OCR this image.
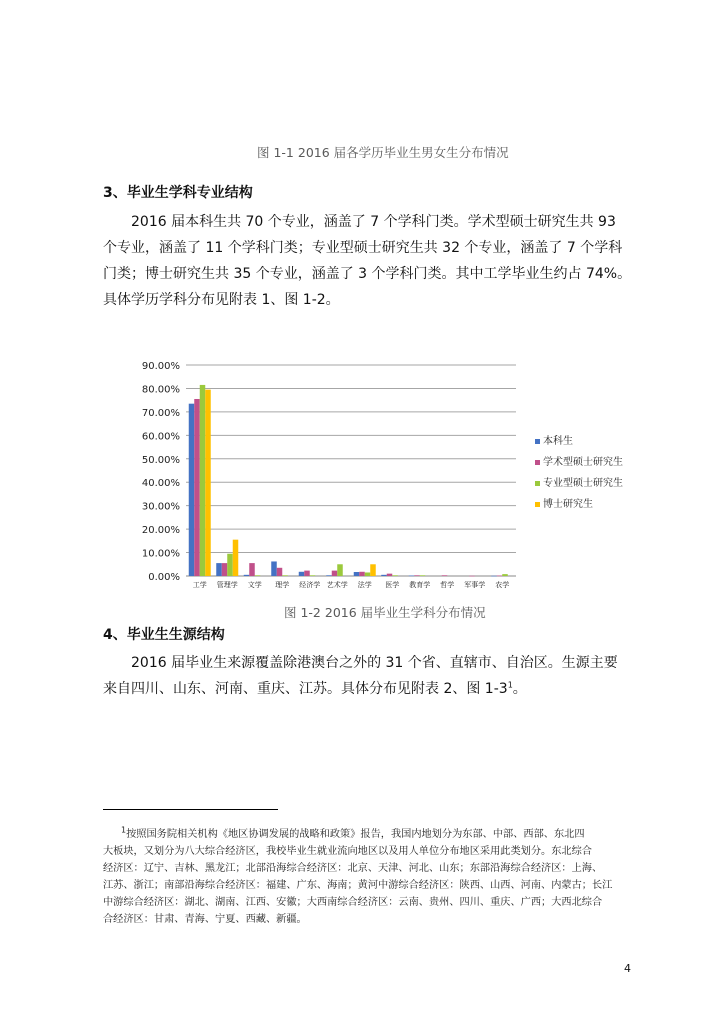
图 1-1 2016 届各学历毕业生男女生分布情况
3、毕业生学科专业结构

2016 届本科生共 70 个专业，涵盖了 7 个学科门类。学术型硕士研究生共 93

个专业，涵盖了 11 个学科门类；专业型硕士研究生共 32 个专业，涵盖了 7 个学科

门类；博士研究生共 35 个专业，涵盖了 3 个学科门类。其中工学毕业生约占 74%。

具体学历学科分布见附表 1、图 1-2。

0.00%
10.00%
20.00%
30.00%
40.00%
50.00%
60.00%
70.00%
80.00%
90.00%
工学 管理学 文学 理学 经济学 艺术学 法学 医学 教育学 哲学 军事学 农学
本科生
学术型硕士研究生
专业型硕士研究生
博士研究生
图 1-2 2016 届毕业生学科分布情况
4、毕业生生源结构

2016 届毕业生来源覆盖除港澳台之外的 31 个省、直辖市、自治区。生源主要

来自四川、山东、河南、重庆、江苏。具体分布见附表 2、图 $1-3^1$。

$^1$按照国务院相关机构《地区协调发展的战略和政策》报告，我国内地划分为东部、中部、西部、东北四

大板块，又划分为八大综合经济区，我校毕业生就业流向地区以及用人单位分布地区采用此类划分。东北综合

经济区：辽宁、吉林、黑龙江；北部沿海综合经济区：北京、天津、河北、山东；东部沿海综合经济区：上海、

江苏、浙江；南部沿海综合经济区：福建、广东、海南；黄河中游综合经济区：陕西、山西、河南、内蒙古；长江

中游综合经济区：湖北、湖南、江西、安徽；大西南综合经济区：云南、贵州、四川、重庆、广西；大西北综合

合经济区：甘肃、青海、宁夏、西藏、新疆。

4
